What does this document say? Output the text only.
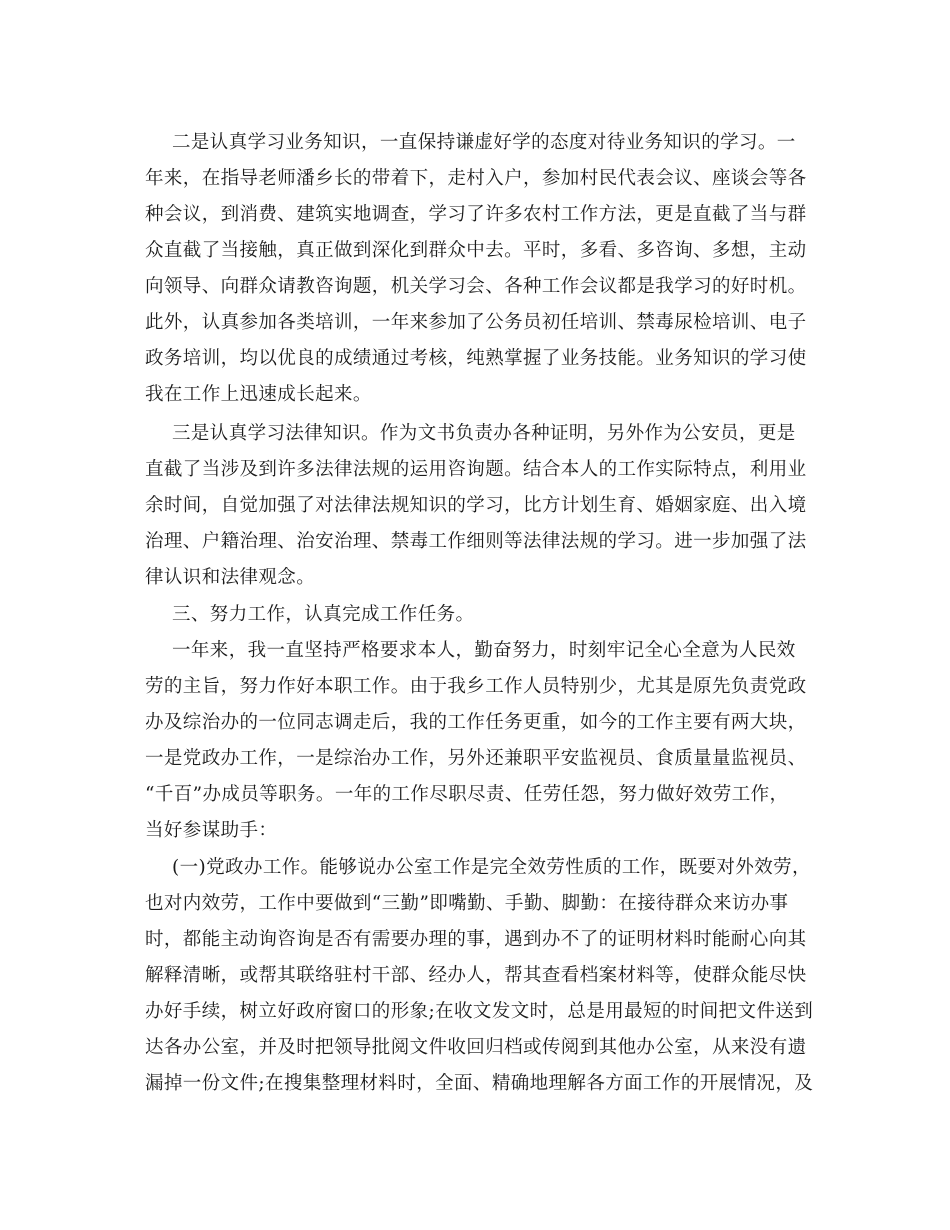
二是认真学习业务知识，一直保持谦虚好学的态度对待业务知识的学习。一
年来，在指导老师潘乡长的带着下，走村入户，参加村民代表会议、座谈会等各
种会议，到消费、建筑实地调查，学习了许多农村工作方法，更是直截了当与群
众直截了当接触，真正做到深化到群众中去。平时，多看、多咨询、多想，主动
向领导、向群众请教咨询题，机关学习会、各种工作会议都是我学习的好时机。
此外，认真参加各类培训，一年来参加了公务员初任培训、禁毒尿检培训、电子
政务培训，均以优良的成绩通过考核，纯熟掌握了业务技能。业务知识的学习使
我在工作上迅速成长起来。
三是认真学习法律知识。作为文书负责办各种证明，另外作为公安员，更是
直截了当涉及到许多法律法规的运用咨询题。结合本人的工作实际特点，利用业
余时间，自觉加强了对法律法规知识的学习，比方计划生育、婚姻家庭、出入境
治理、户籍治理、治安治理、禁毒工作细则等法律法规的学习。进一步加强了法
律认识和法律观念。
三、努力工作，认真完成工作任务。
一年来，我一直坚持严格要求本人，勤奋努力，时刻牢记全心全意为人民效
劳的主旨，努力作好本职工作。由于我乡工作人员特别少，尤其是原先负责党政
办及综治办的一位同志调走后，我的工作任务更重，如今的工作主要有两大块，
一是党政办工作，一是综治办工作，另外还兼职平安监视员、食质量量监视员、
“千百”办成员等职务。一年的工作尽职尽责、任劳任怨，努力做好效劳工作，
当好参谋助手：
(一)党政办工作。能够说办公室工作是完全效劳性质的工作，既要对外效劳，
也对内效劳，工作中要做到“三勤”即嘴勤、手勤、脚勤：在接待群众来访办事
时，都能主动询咨询是否有需要办理的事，遇到办不了的证明材料时能耐心向其
解释清晰，或帮其联络驻村干部、经办人，帮其查看档案材料等，使群众能尽快
办好手续，树立好政府窗口的形象;在收文发文时，总是用最短的时间把文件送到
达各办公室，并及时把领导批阅文件收回归档或传阅到其他办公室，从来没有遗
漏掉一份文件;在搜集整理材料时，全面、精确地理解各方面工作的开展情况，及
